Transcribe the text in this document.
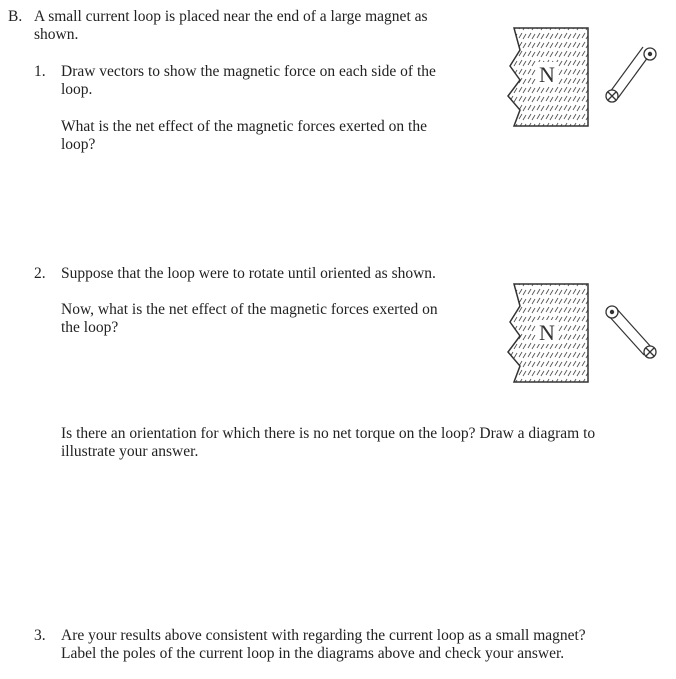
B. A small current loop is placed near the end of a large magnet as
shown.
1. Draw vectors to show the magnetic force on each side of the
loop.
What is the net effect of the magnetic forces exerted on the
loop?
N
2. Suppose that the loop were to rotate until oriented as shown.
Now, what is the net effect of the magnetic forces exerted on
the loop?	N
Is there an orientation for which there is no net torque on the loop? Draw a diagram to
illustrate your answer.
3. Are your results above consistent with regarding the current loop as a small magnet?
Label the poles of the current loop in the diagrams above and check your answer.
